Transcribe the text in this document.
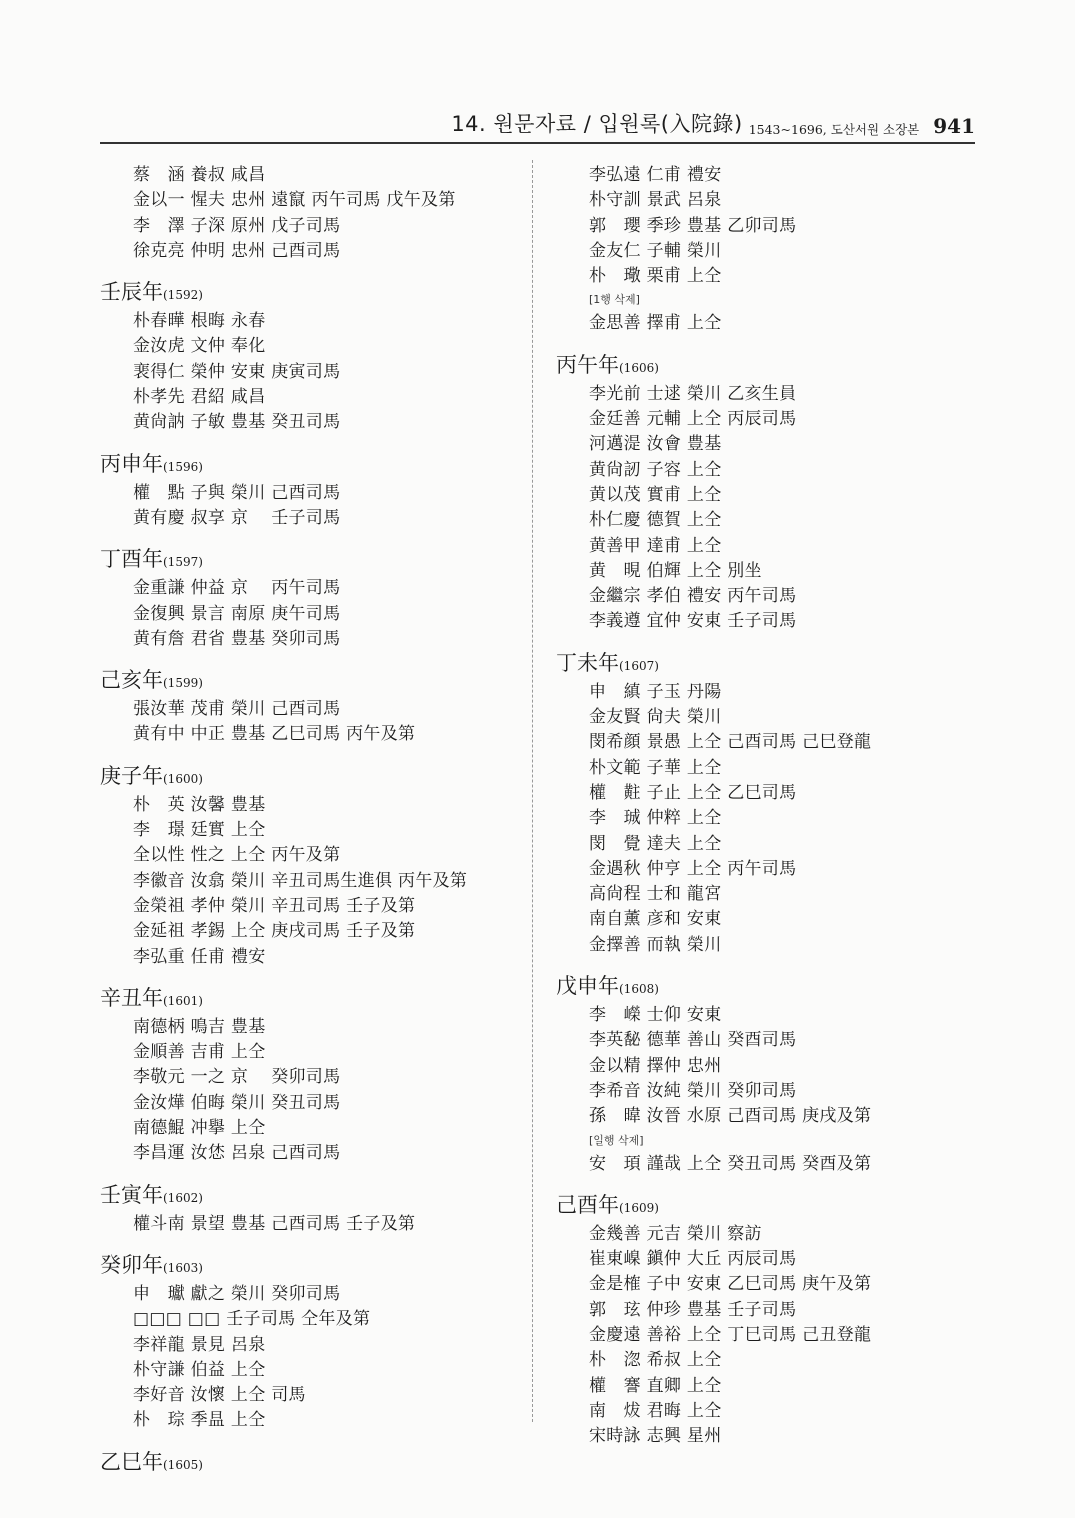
14. 원문자료 / 입원록(入院錄) 1543~1696, 도산서원 소장본 941
蔡　涵 養叔 咸昌
金以一 惺夫 忠州 遠竄 丙午司馬 戊午及第
李　澤 子深 原州 戊子司馬
徐克亮 仲明 忠州 己酉司馬
壬辰年(1592)
朴春曄 根晦 永春
金汝虎 文仲 奉化
裵得仁 榮仲 安東 庚寅司馬
朴孝先 君紹 咸昌
黄尙訥 子敏 豊基 癸丑司馬
丙申年(1596)
權　點 子與 榮川 己酉司馬
黄有慶 叔享 京　 壬子司馬
丁酉年(1597)
金重謙 仲益 京　 丙午司馬
金復興 景言 南原 庚午司馬
黄有詹 君省 豊基 癸卯司馬
己亥年(1599)
張汝華 茂甫 榮川 己酉司馬
黄有中 中正 豊基 乙巳司馬 丙午及第
庚子年(1600)
朴　英 汝馨 豊基
李　璟 廷實 上仝
全以性 性之 上仝 丙午及第
李徽音 汝翕 榮川 辛丑司馬生進俱 丙午及第
金榮祖 孝仲 榮川 辛丑司馬 壬子及第
金延祖 孝錫 上仝 庚戌司馬 壬子及第
李弘重 任甫 禮安
辛丑年(1601)
南德柄 鳴吉 豊基
金順善 吉甫 上仝
李敬元 一之 京　 癸卯司馬
金汝燁 伯晦 榮川 癸丑司馬
南德鯤 冲擧 上仝
李昌運 汝恷 呂泉 己酉司馬
壬寅年(1602)
權斗南 景望 豊基 己酉司馬 壬子及第
癸卯年(1603)
申　瓛 獻之 榮川 癸卯司馬
□□□ □□ 壬子司馬 仝年及第
李祥龍 景見 呂泉
朴守謙 伯益 上仝
李好音 汝懷 上仝 司馬
朴　琮 季昷 上仝
乙巳年(1605)
李弘遠 仁甫 禮安
朴守訓 景武 呂泉
郭　瓔 季珍 豊基 乙卯司馬
金友仁 子輔 榮川
朴　璥 栗甫 上仝
[1행 삭제]
金思善 擇甫 上仝
丙午年(1606)
李光前 士逑 榮川 乙亥生員
金廷善 元輔 上仝 丙辰司馬
河邁湜 汝會 豊基
黄尙訒 子容 上仝
黄以茂 實甫 上仝
朴仁慶 德賀 上仝
黄善甲 達甫 上仝
黄　晛 伯輝 上仝 別坐
金繼宗 孝伯 禮安 丙午司馬
李義遵 宜仲 安東 壬子司馬
丁未年(1607)
申　縝 子玉 丹陽
金友賢 尙夫 榮川
閔希顔 景愚 上仝 己酉司馬 己巳登龍
朴文範 子華 上仝
權　黈 子止 上仝 乙巳司馬
李　珹 仲粹 上仝
閔　覺 達夫 上仝
金遇秋 仲亨 上仝 丙午司馬
高尙程 士和 龍宮
南自薰 彦和 安東
金擇善 而執 榮川
戊申年(1608)
李　嶸 士仰 安東
李英馝 德華 善山 癸酉司馬
金以精 擇仲 忠州
李希音 汝純 榮川 癸卯司馬
孫　暐 汝晉 水原 己酉司馬 庚戌及第
[일행 삭제]
安　頊 謹哉 上仝 癸丑司馬 癸酉及第
己酉年(1609)
金幾善 元吉 榮川 察訪
崔東嵲 鎭仲 大丘 丙辰司馬
金是榷 子中 安東 乙巳司馬 庚午及第
郭　玹 仲珍 豊基 壬子司馬
金慶遠 善裕 上仝 丁巳司馬 己丑登龍
朴　淴 希叔 上仝
權　謇 直卿 上仝
南　炦 君晦 上仝
宋時詠 志興 星州
